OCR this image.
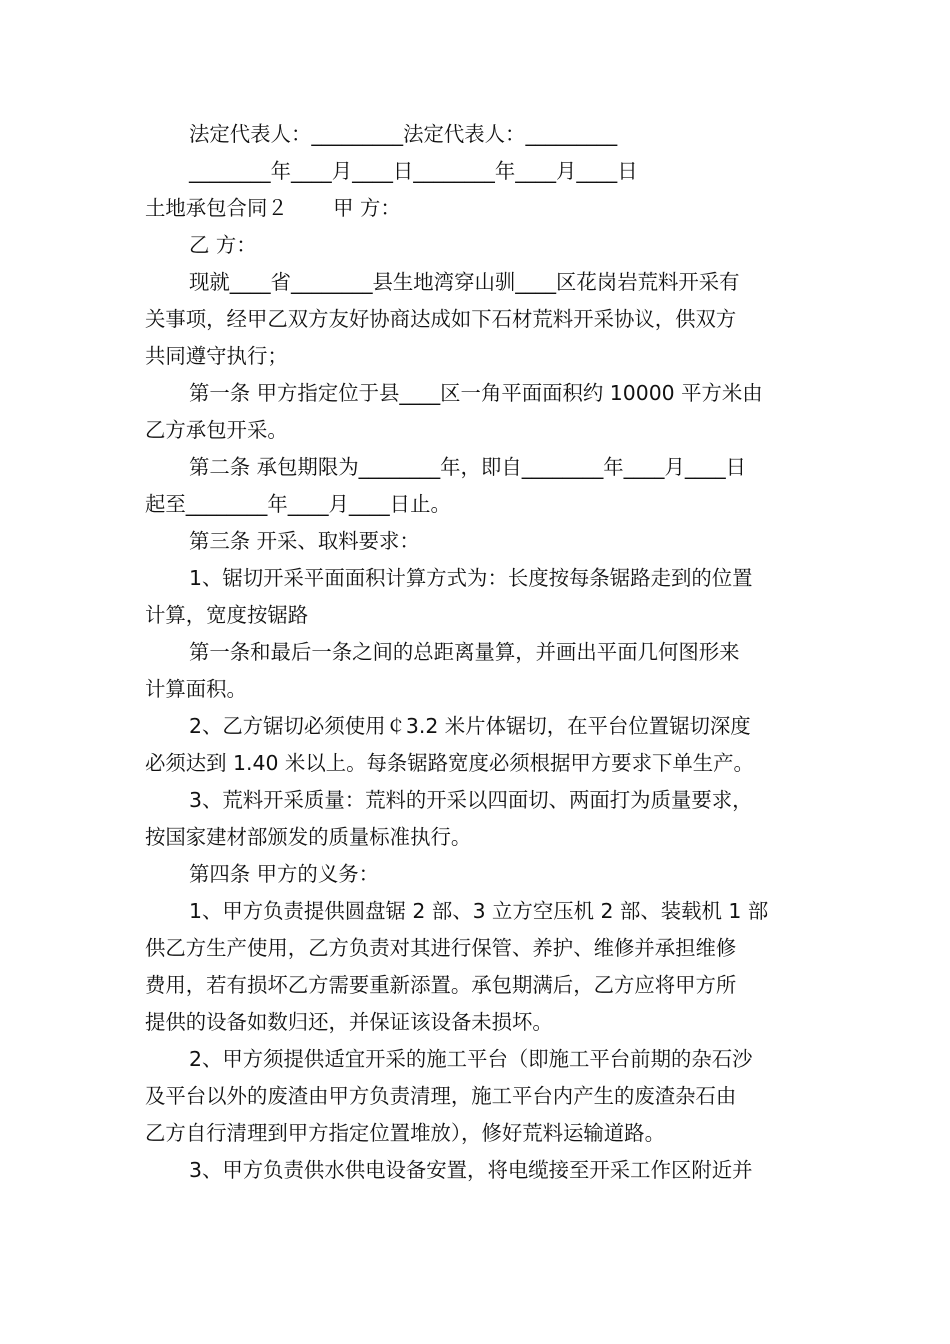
法定代表人：_________法定代表人：_________
________年____月____日________年____月____日
土地承包合同２       甲 方：
乙 方：
现就____省________县生地湾穿山驯____区花岗岩荒料开采有
关事项，经甲乙双方友好协商达成如下石材荒料开采协议，供双方
共同遵守执行；
第一条 甲方指定位于县____区一角平面面积约 10000 平方米由
乙方承包开采。
第二条 承包期限为________年，即自________年____月____日
起至________年____月____日止。
第三条 开采、取料要求：
1、锯切开采平面面积计算方式为：长度按每条锯路走到的位置
计算，宽度按锯路
第一条和最后一条之间的总距离量算，并画出平面几何图形来
计算面积。
2、乙方锯切必须使用￠3.2 米片体锯切，在平台位置锯切深度
必须达到 1.40 米以上。每条锯路宽度必须根据甲方要求下单生产。
3、荒料开采质量：荒料的开采以四面切、两面打为质量要求，
按国家建材部颁发的质量标准执行。
第四条 甲方的义务：
1、甲方负责提供圆盘锯 2 部、3 立方空压机 2 部、装载机 1 部
供乙方生产使用，乙方负责对其进行保管、养护、维修并承担维修
费用，若有损坏乙方需要重新添置。承包期满后，乙方应将甲方所
提供的设备如数归还，并保证该设备未损坏。
2、甲方须提供适宜开采的施工平台（即施工平台前期的杂石沙
及平台以外的废渣由甲方负责清理，施工平台内产生的废渣杂石由
乙方自行清理到甲方指定位置堆放），修好荒料运输道路。
3、甲方负责供水供电设备安置，将电缆接至开采工作区附近并
